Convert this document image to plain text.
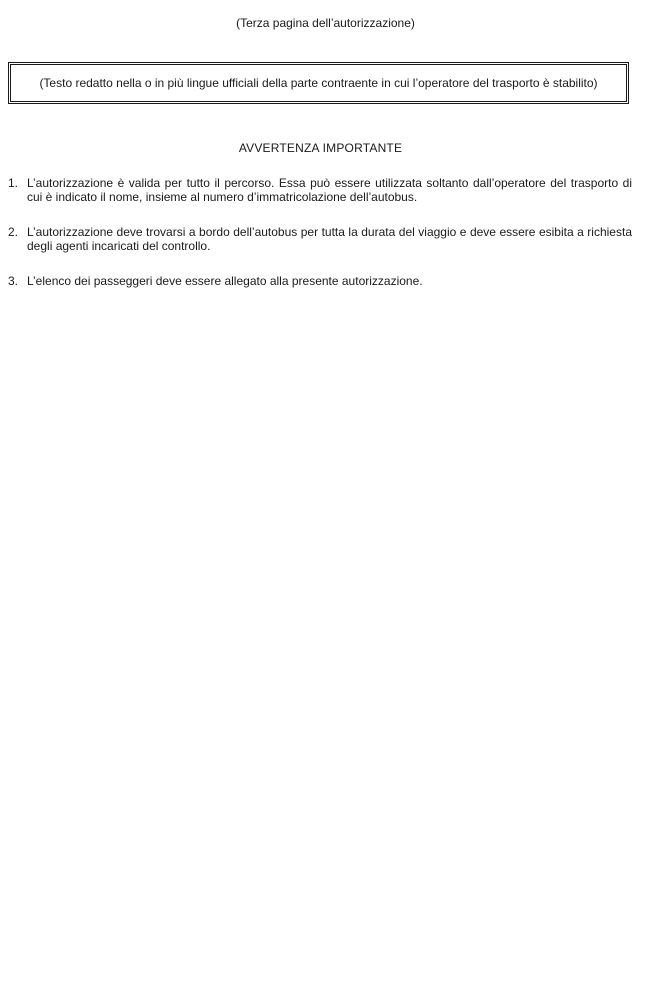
(Terza pagina dell’autorizzazione)
(Testo redatto nella o in più lingue ufficiali della parte contraente in cui l’operatore del trasporto è stabilito)
AVVERTENZA IMPORTANTE
1. L’autorizzazione è valida per tutto il percorso. Essa può essere utilizzata soltanto dall’operatore del trasporto di cui è indicato il nome, insieme al numero d’immatricolazione dell’autobus.
2. L’autorizzazione deve trovarsi a bordo dell’autobus per tutta la durata del viaggio e deve essere esibita a richiesta degli agenti incaricati del controllo.
3. L’elenco dei passeggeri deve essere allegato alla presente autorizzazione.
